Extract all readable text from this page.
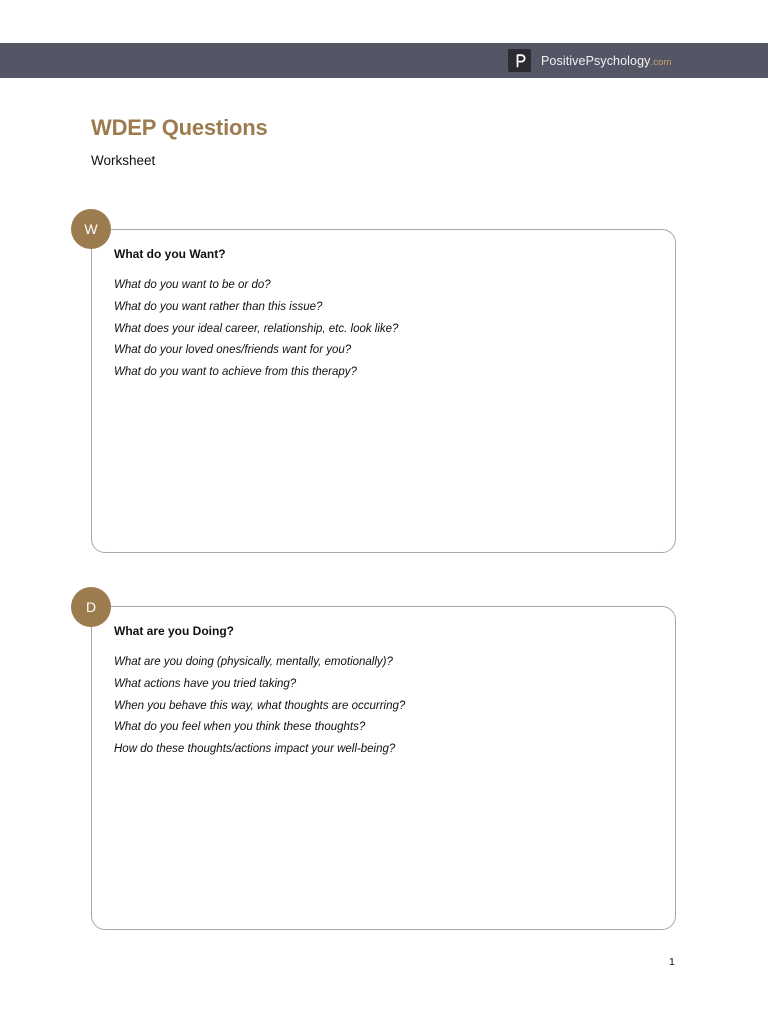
PositivePsychology.com
WDEP Questions
Worksheet
What do you Want?
What do you want to be or do?
What do you want rather than this issue?
What does your ideal career, relationship, etc. look like?
What do your loved ones/friends want for you?
What do you want to achieve from this therapy?
W
What are you Doing?
What are you doing (physically, mentally, emotionally)?
What actions have you tried taking?
When you behave this way, what thoughts are occurring?
What do you feel when you think these thoughts?
How do these thoughts/actions impact your well-being?
D
1
